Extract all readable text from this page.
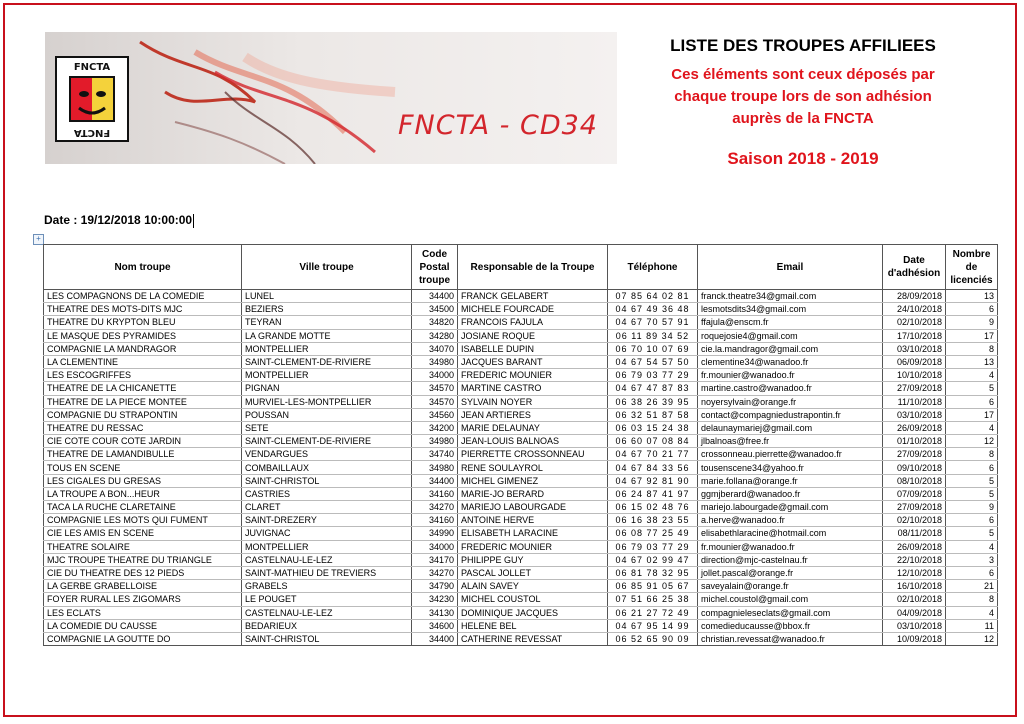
FNCTA
FNCTA	FNCTA - CD34
LISTE DES TROUPES AFFILIEES
Ces éléments sont ceux déposés par
chaque troupe lors de son adhésion
auprès de la FNCTA
Saison 2018 - 2019
Date : 19/12/2018 10:00:00
+
Nom troupe	Ville troupe	Code Postal troupe	Responsable de la Troupe	Téléphone	Email	Date d'adhésion	Nombre de licenciés
LES COMPAGNONS DE LA COMEDIE	LUNEL	34400	FRANCK GELABERT	07 85 64 02 81	franck.theatre34@gmail.com	28/09/2018	13
THEATRE DES MOTS-DITS MJC	BEZIERS	34500	MICHELE FOURCADE	04 67 49 36 48	lesmotsdits34@gmail.com	24/10/2018	6
THEATRE DU KRYPTON BLEU	TEYRAN	34820	FRANCOIS FAJULA	04 67 70 57 91	ffajula@enscm.fr	02/10/2018	9
LE MASQUE DES PYRAMIDES	LA GRANDE MOTTE	34280	JOSIANE ROQUE	06 11 89 34 52	roquejosie4@gmail.com	17/10/2018	17
COMPAGNIE LA MANDRAGOR	MONTPELLIER	34070	ISABELLE DUPIN	06 70 10 07 69	cie.la.mandragor@gmail.com	03/10/2018	8
LA CLEMENTINE	SAINT-CLEMENT-DE-RIVIERE	34980	JACQUES BARANT	04 67 54 57 50	clementine34@wanadoo.fr	06/09/2018	13
LES ESCOGRIFFES	MONTPELLIER	34000	FREDERIC MOUNIER	06 79 03 77 29	fr.mounier@wanadoo.fr	10/10/2018	4
THEATRE DE LA CHICANETTE	PIGNAN	34570	MARTINE CASTRO	04 67 47 87 83	martine.castro@wanadoo.fr	27/09/2018	5
THEATRE DE LA PIECE MONTEE	MURVIEL-LES-MONTPELLIER	34570	SYLVAIN NOYER	06 38 26 39 95	noyersylvain@orange.fr	11/10/2018	6
COMPAGNIE DU STRAPONTIN	POUSSAN	34560	JEAN ARTIERES	06 32 51 87 58	contact@compagniedustrapontin.fr	03/10/2018	17
THEATRE DU RESSAC	SETE	34200	MARIE DELAUNAY	06 03 15 24 38	delaunaymariej@gmail.com	26/09/2018	4
CIE COTE COUR COTE JARDIN	SAINT-CLEMENT-DE-RIVIERE	34980	JEAN-LOUIS BALNOAS	06 60 07 08 84	jlbalnoas@free.fr	01/10/2018	12
THEATRE DE LAMANDIBULLE	VENDARGUES	34740	PIERRETTE CROSSONNEAU	04 67 70 21 77	crossonneau.pierrette@wanadoo.fr	27/09/2018	8
TOUS EN SCENE	COMBAILLAUX	34980	RENE SOULAYROL	04 67 84 33 56	tousenscene34@yahoo.fr	09/10/2018	6
LES CIGALES DU GRESAS	SAINT-CHRISTOL	34400	MICHEL GIMENEZ	04 67 92 81 90	marie.follana@orange.fr	08/10/2018	5
LA TROUPE A BON...HEUR	CASTRIES	34160	MARIE-JO BERARD	06 24 87 41 97	ggmjberard@wanadoo.fr	07/09/2018	5
TACA LA RUCHE CLARETAINE	CLARET	34270	MARIEJO LABOURGADE	06 15 02 48 76	mariejo.labourgade@gmail.com	27/09/2018	9
COMPAGNIE LES MOTS QUI FUMENT	SAINT-DREZERY	34160	ANTOINE HERVE	06 16 38 23 55	a.herve@wanadoo.fr	02/10/2018	6
CIE LES AMIS EN SCENE	JUVIGNAC	34990	ELISABETH LARACINE	06 08 77 25 49	elisabethlaracine@hotmail.com	08/11/2018	5
THEATRE SOLAIRE	MONTPELLIER	34000	FREDERIC MOUNIER	06 79 03 77 29	fr.mounier@wanadoo.fr	26/09/2018	4
MJC TROUPE THEATRE DU TRIANGLE	CASTELNAU-LE-LEZ	34170	PHILIPPE GUY	04 67 02 99 47	direction@mjc-castelnau.fr	22/10/2018	3
CIE DU THEATRE DES 12 PIEDS	SAINT-MATHIEU DE TREVIERS	34270	PASCAL JOLLET	06 81 78 32 95	jollet.pascal@orange.fr	12/10/2018	6
LA GERBE GRABELLOISE	GRABELS	34790	ALAIN SAVEY	06 85 91 05 67	saveyalain@orange.fr	16/10/2018	21
FOYER RURAL LES ZIGOMARS	LE POUGET	34230	MICHEL COUSTOL	07 51 66 25 38	michel.coustol@gmail.com	02/10/2018	8
LES ECLATS	CASTELNAU-LE-LEZ	34130	DOMINIQUE JACQUES	06 21 27 72 49	compagnieleseclats@gmail.com	04/09/2018	4
LA COMEDIE DU CAUSSE	BEDARIEUX	34600	HELENE BEL	04 67 95 14 99	comedieducausse@bbox.fr	03/10/2018	11
COMPAGNIE LA GOUTTE DO	SAINT-CHRISTOL	34400	CATHERINE REVESSAT	06 52 65 90 09	christian.revessat@wanadoo.fr	10/09/2018	12
